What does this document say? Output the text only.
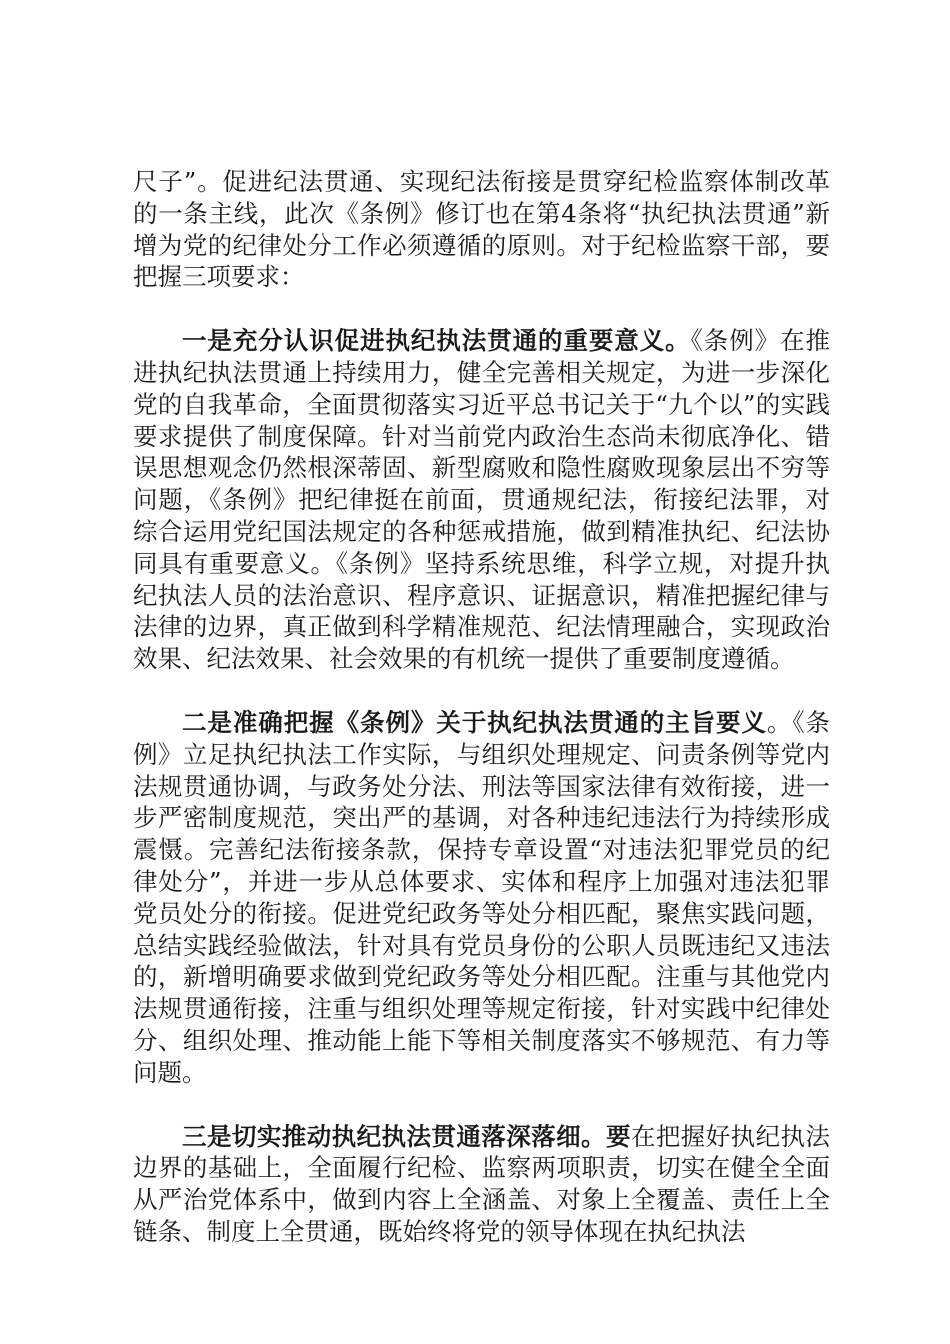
尺子”。促进纪法贯通、实现纪法衔接是贯穿纪检监察体制改革的一条主线，此次《条例》修订也在第4条将“执纪执法贯通”新增为党的纪律处分工作必须遵循的原则。对于纪检监察干部，要把握三项要求：

一是充分认识促进执纪执法贯通的重要意义。《条例》在推进执纪执法贯通上持续用力，健全完善相关规定，为进一步深化党的自我革命，全面贯彻落实习近平总书记关于“九个以”的实践要求提供了制度保障。针对当前党内政治生态尚未彻底净化、错误思想观念仍然根深蒂固、新型腐败和隐性腐败现象层出不穷等问题，《条例》把纪律挺在前面，贯通规纪法，衔接纪法罪，对综合运用党纪国法规定的各种惩戒措施，做到精准执纪、纪法协同具有重要意义。《条例》坚持系统思维，科学立规，对提升执纪执法人员的法治意识、程序意识、证据意识，精准把握纪律与法律的边界，真正做到科学精准规范、纪法情理融合，实现政治效果、纪法效果、社会效果的有机统一提供了重要制度遵循。

二是准确把握《条例》关于执纪执法贯通的主旨要义。《条例》立足执纪执法工作实际，与组织处理规定、问责条例等党内法规贯通协调，与政务处分法、刑法等国家法律有效衔接，进一步严密制度规范，突出严的基调，对各种违纪违法行为持续形成震慑。完善纪法衔接条款，保持专章设置“对违法犯罪党员的纪律处分”，并进一步从总体要求、实体和程序上加强对违法犯罪党员处分的衔接。促进党纪政务等处分相匹配，聚焦实践问题，总结实践经验做法，针对具有党员身份的公职人员既违纪又违法的，新增明确要求做到党纪政务等处分相匹配。注重与其他党内法规贯通衔接，注重与组织处理等规定衔接，针对实践中纪律处分、组织处理、推动能上能下等相关制度落实不够规范、有力等问题。

三是切实推动执纪执法贯通落深落细。要在把握好执纪执法边界的基础上，全面履行纪检、监察两项职责，切实在健全全面从严治党体系中，做到内容上全涵盖、对象上全覆盖、责任上全链条、制度上全贯通，既始终将党的领导体现在执纪执法
